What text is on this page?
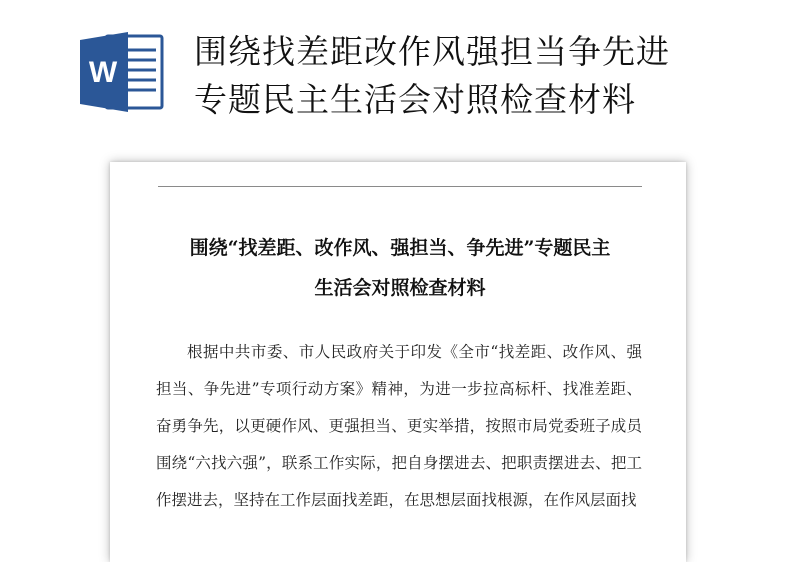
W
围绕找差距改作风强担当争先进
专题民主生活会对照检查材料
围绕“找差距、改作风、强担当、争先进”专题民主
生活会对照检查材料

根据中共市委、市人民政府关于印发《全市“找差距、改作风、强担当、争先进”专项行动方案》精神，为进一步拉高标杆、找准差距、奋勇争先，以更硬作风、更强担当、更实举措，按照市局党委班子成员围绕“六找六强”，联系工作实际，把自身摆进去、把职责摆进去、把工作摆进去，坚持在工作层面找差距，在思想层面找根源，在作风层面找
